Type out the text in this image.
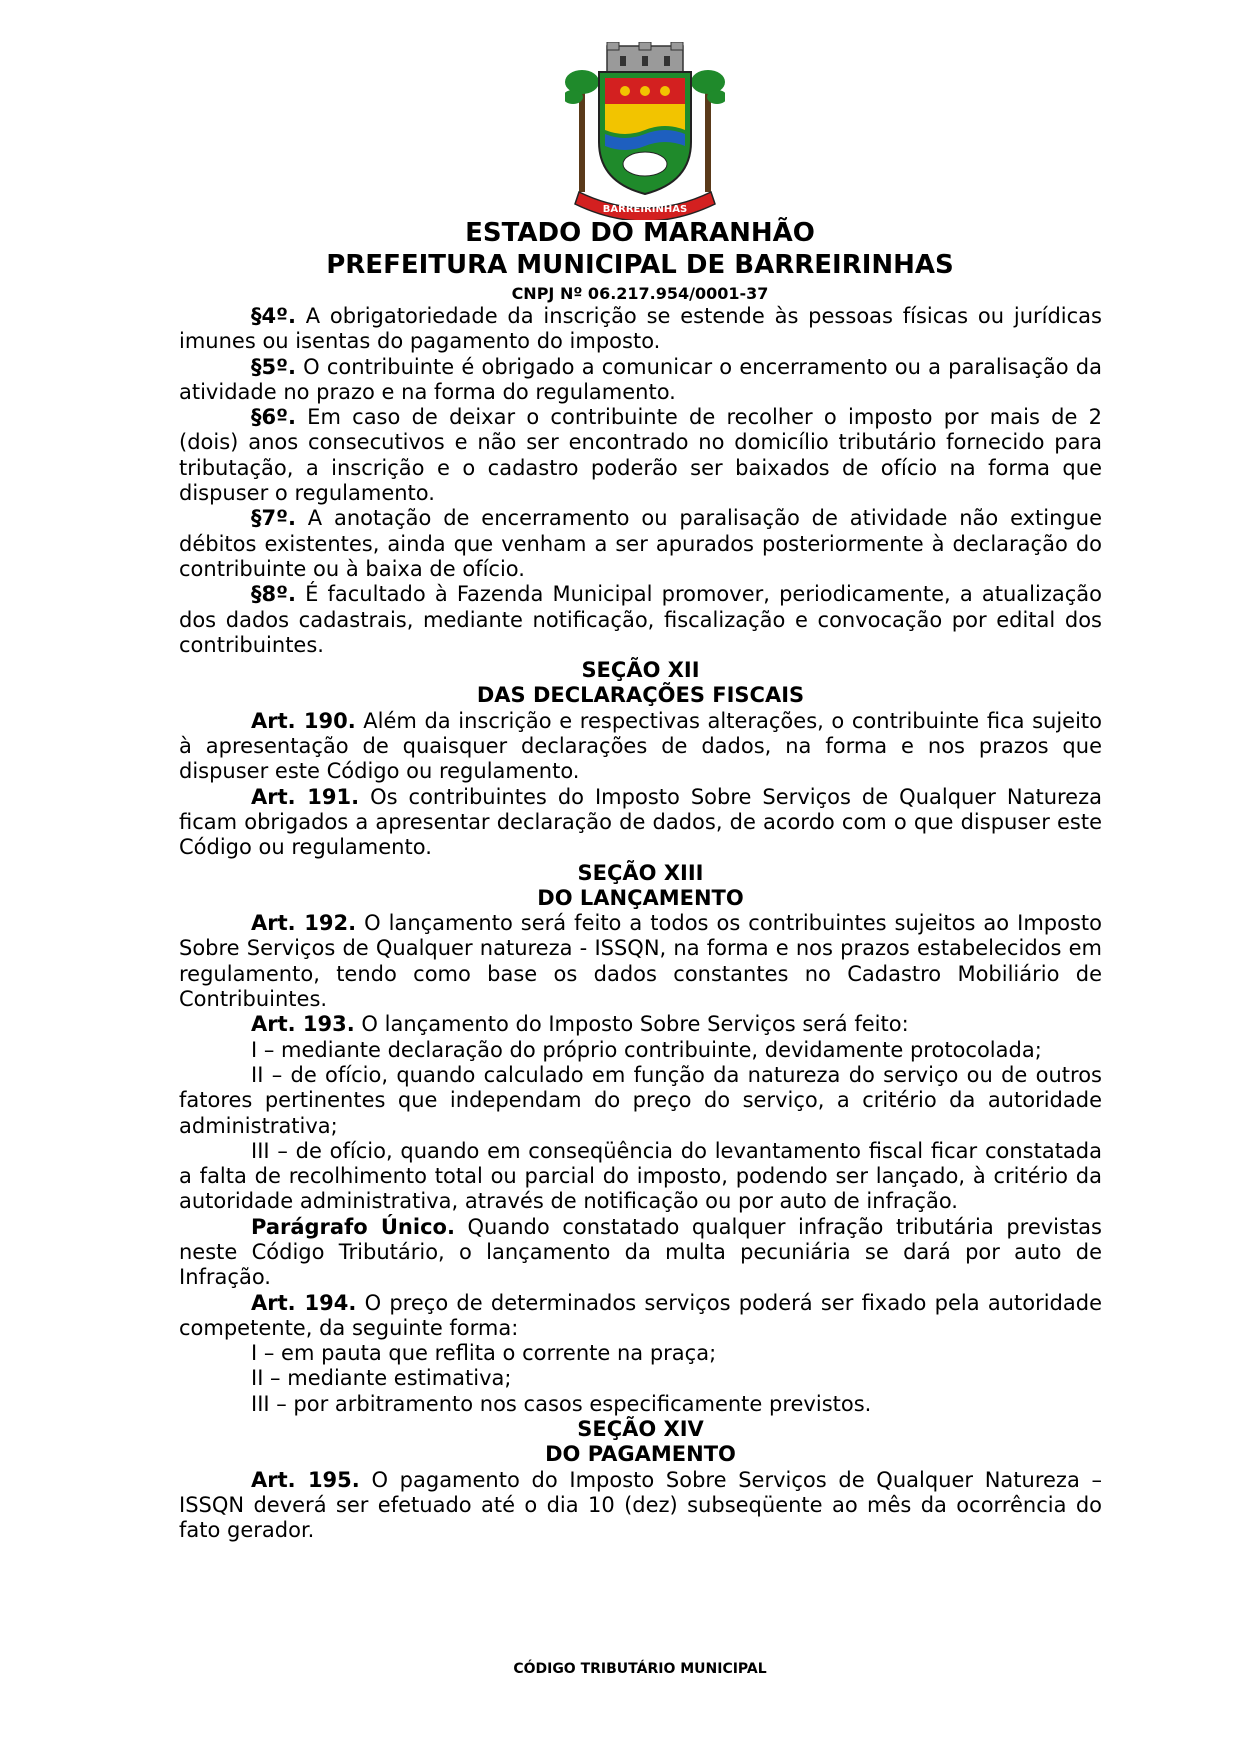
BARREIRINHAS
ESTADO DO MARANHÃO
PREFEITURA MUNICIPAL DE BARREIRINHAS
CNPJ Nº 06.217.954/0001-37
§4º. A obrigatoriedade da inscrição se estende às pessoas físicas ou jurídicas imunes ou isentas do pagamento do imposto.
§5º. O contribuinte é obrigado a comunicar o encerramento ou a paralisação da atividade no prazo e na forma do regulamento.
§6º. Em caso de deixar o contribuinte de recolher o imposto por mais de 2 (dois) anos consecutivos e não ser encontrado no domicílio tributário fornecido para tributação, a inscrição e o cadastro poderão ser baixados de ofício na forma que dispuser o regulamento.
§7º. A anotação de encerramento ou paralisação de atividade não extingue débitos existentes, ainda que venham a ser apurados posteriormente à declaração do contribuinte ou à baixa de ofício.
§8º. É facultado à Fazenda Municipal promover, periodicamente, a atualização dos dados cadastrais, mediante notificação, fiscalização e convocação por edital dos contribuintes.
SEÇÃO XII
DAS DECLARAÇÕES FISCAIS
Art. 190. Além da inscrição e respectivas alterações, o contribuinte fica sujeito à apresentação de quaisquer declarações de dados, na forma e nos prazos que dispuser este Código ou regulamento.
Art. 191. Os contribuintes do Imposto Sobre Serviços de Qualquer Natureza ficam obrigados a apresentar declaração de dados, de acordo com o que dispuser este Código ou regulamento.
SEÇÃO XIII
DO LANÇAMENTO
Art. 192. O lançamento será feito a todos os contribuintes sujeitos ao Imposto Sobre Serviços de Qualquer natureza - ISSQN, na forma e nos prazos estabelecidos em regulamento, tendo como base os dados constantes no Cadastro Mobiliário de Contribuintes.
Art. 193. O lançamento do Imposto Sobre Serviços será feito:
I – mediante declaração do próprio contribuinte, devidamente protocolada;
II – de ofício, quando calculado em função da natureza do serviço ou de outros fatores pertinentes que independam do preço do serviço, a critério da autoridade administrativa;
III – de ofício, quando em conseqüência do levantamento fiscal ficar constatada a falta de recolhimento total ou parcial do imposto, podendo ser lançado, à critério da autoridade administrativa, através de notificação ou por auto de infração.
Parágrafo Único. Quando constatado qualquer infração tributária previstas neste Código Tributário, o lançamento da multa pecuniária se dará por auto de Infração.
Art. 194. O preço de determinados serviços poderá ser fixado pela autoridade competente, da seguinte forma:
I – em pauta que reflita o corrente na praça;
II – mediante estimativa;
III – por arbitramento nos casos especificamente previstos.
SEÇÃO XIV
DO PAGAMENTO
Art. 195. O pagamento do Imposto Sobre Serviços de Qualquer Natureza – ISSQN deverá ser efetuado até o dia 10 (dez) subseqüente ao mês da ocorrência do fato gerador.
CÓDIGO TRIBUTÁRIO MUNICIPAL
